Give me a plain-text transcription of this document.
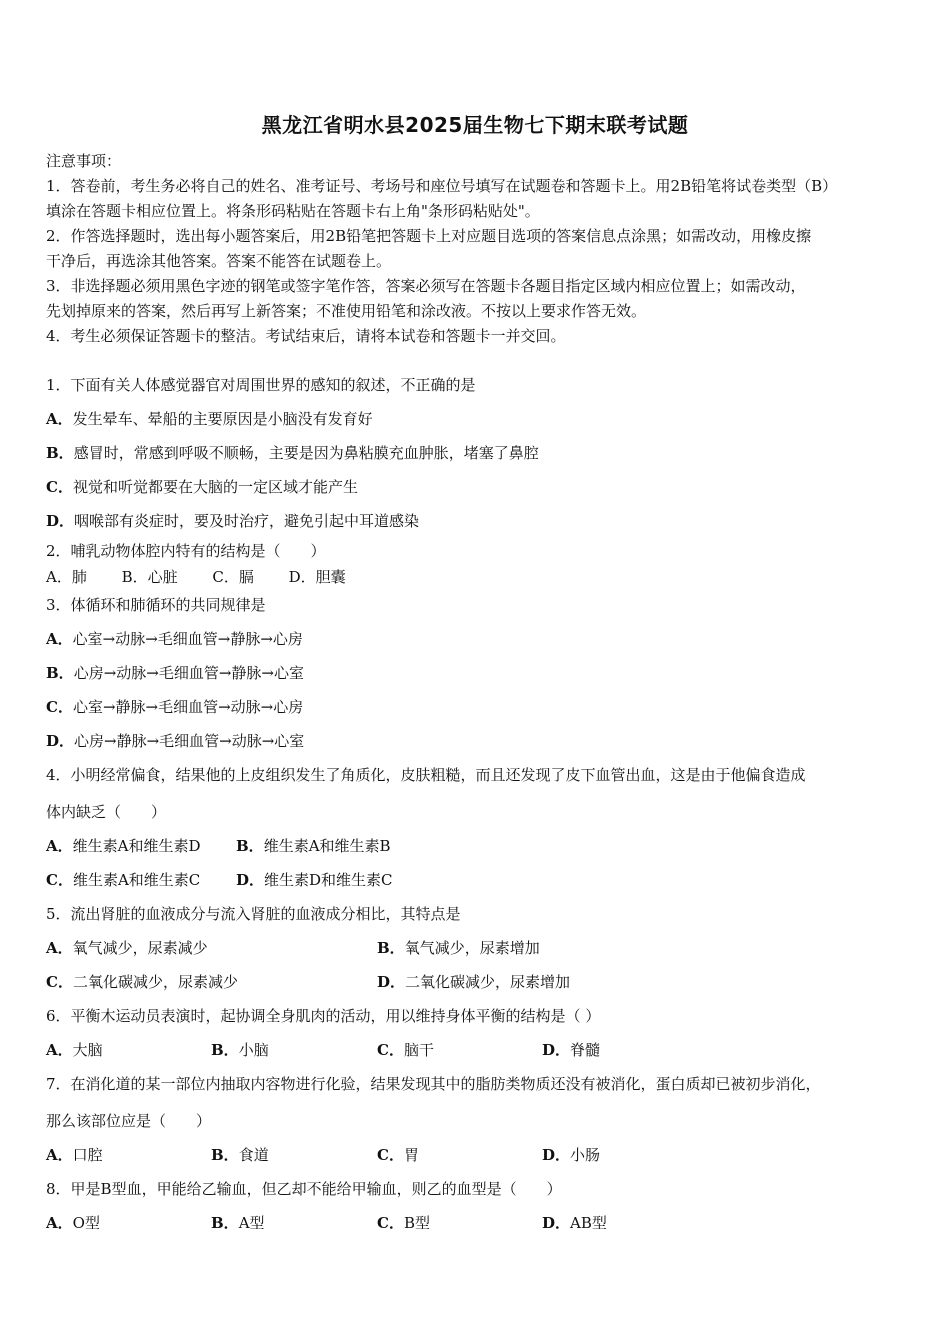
黑龙江省明水县2025届生物七下期末联考试题
注意事项：
1．答卷前，考生务必将自己的姓名、准考证号、考场号和座位号填写在试题卷和答题卡上。用2B铅笔将试卷类型（B）
填涂在答题卡相应位置上。将条形码粘贴在答题卡右上角"条形码粘贴处"。
2．作答选择题时，选出每小题答案后，用2B铅笔把答题卡上对应题目选项的答案信息点涂黑；如需改动，用橡皮擦
干净后，再选涂其他答案。答案不能答在试题卷上。
3．非选择题必须用黑色字迹的钢笔或签字笔作答，答案必须写在答题卡各题目指定区域内相应位置上；如需改动，
先划掉原来的答案，然后再写上新答案；不准使用铅笔和涂改液。不按以上要求作答无效。
4．考生必须保证答题卡的整洁。考试结束后，请将本试卷和答题卡一并交回。
1．下面有关人体感觉器官对周围世界的感知的叙述，不正确的是
A．发生晕车、晕船的主要原因是小脑没有发育好
B．感冒时，常感到呼吸不顺畅，主要是因为鼻粘膜充血肿胀，堵塞了鼻腔
C．视觉和听觉都要在大脑的一定区域才能产生
D．咽喉部有炎症时，要及时治疗，避免引起中耳道感染
2．哺乳动物体腔内特有的结构是（　　）
A．肺　　 B．心脏　　 C．膈　　 D．胆囊
3．体循环和肺循环的共同规律是
A．心室→动脉→毛细血管→静脉→心房
B．心房→动脉→毛细血管→静脉→心室
C．心室→静脉→毛细血管→动脉→心房
D．心房→静脉→毛细血管→动脉→心室
4．小明经常偏食，结果他的上皮组织发生了角质化，皮肤粗糙，而且还发现了皮下血管出血，这是由于他偏食造成
体内缺乏（　　）
A．维生素A和维生素D B．维生素A和维生素B
C．维生素A和维生素C D．维生素D和维生素C
5．流出肾脏的血液成分与流入肾脏的血液成分相比，其特点是
A．氧气减少，尿素减少	B．氧气减少，尿素增加
C．二氧化碳减少，尿素减少	D．二氧化碳减少，尿素增加
6．平衡木运动员表演时，起协调全身肌肉的活动，用以维持身体平衡的结构是（ ）
A．大脑	B．小脑	C．脑干	D．脊髓
7．在消化道的某一部位内抽取内容物进行化验，结果发现其中的脂肪类物质还没有被消化，蛋白质却已被初步消化，
那么该部位应是（　　）
A．口腔	B．食道	C．胃	D．小肠
8．甲是B型血，甲能给乙输血，但乙却不能给甲输血，则乙的血型是（　　）
A．O型	B．A型	C．B型	D．AB型
